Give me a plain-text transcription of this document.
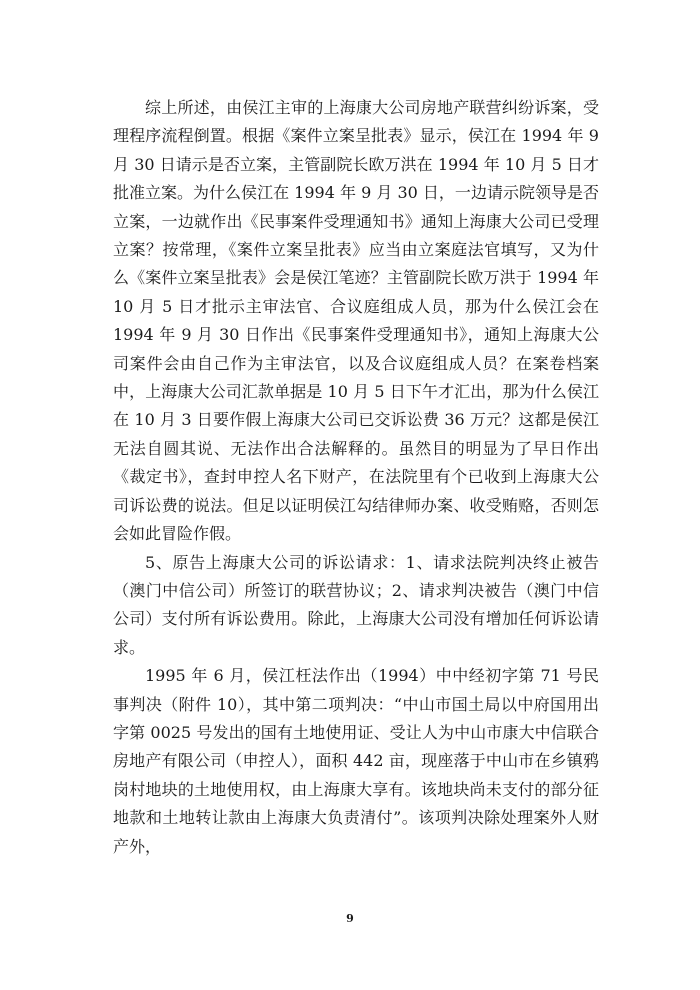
综上所述，由侯江主审的上海康大公司房地产联营纠纷诉案，受理程序流程倒置。根据《案件立案呈批表》显示，侯江在 1994 年 9 月 30 日请示是否立案，主管副院长欧万洪在 1994 年 10 月 5 日才批准立案。为什么侯江在 1994 年 9 月 30 日，一边请示院领导是否立案，一边就作出《民事案件受理通知书》通知上海康大公司已受理立案？按常理，《案件立案呈批表》应当由立案庭法官填写，又为什么《案件立案呈批表》会是侯江笔迹？主管副院长欧万洪于 1994 年 10 月 5 日才批示主审法官、合议庭组成人员，那为什么侯江会在 1994 年 9 月 30 日作出《民事案件受理通知书》，通知上海康大公司案件会由自己作为主审法官，以及合议庭组成人员？在案卷档案中，上海康大公司汇款单据是 10 月 5 日下午才汇出，那为什么侯江在 10 月 3 日要作假上海康大公司已交诉讼费 36 万元？这都是侯江无法自圆其说、无法作出合法解释的。虽然目的明显为了早日作出《裁定书》，查封申控人名下财产，在法院里有个已收到上海康大公司诉讼费的说法。但足以证明侯江勾结律师办案、收受贿赂，否则怎会如此冒险作假。

5、原告上海康大公司的诉讼请求：1、请求法院判决终止被告（澳门中信公司）所签订的联营协议；2、请求判决被告（澳门中信公司）支付所有诉讼费用。除此，上海康大公司没有增加任何诉讼请求。

1995 年 6 月，侯江枉法作出（1994）中中经初字第 71 号民事判决（附件 10），其中第二项判决：“中山市国土局以中府国用出字第 0025 号发出的国有土地使用证、受让人为中山市康大中信联合房地产有限公司（申控人），面积 442 亩，现座落于中山市在乡镇鸦岗村地块的土地使用权，由上海康大享有。该地块尚未支付的部分征地款和土地转让款由上海康大负责清付”。该项判决除处理案外人财产外，

9
